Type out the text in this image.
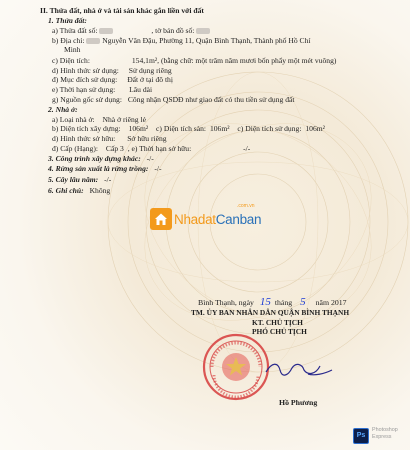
II. Thửa đất, nhà ở và tài sản khác gắn liền với đất
1. Thửa đất:
a) Thửa đất số:	, tờ bản đồ số:
b) Địa chỉ: Nguyễn Văn Đậu, Phường 11, Quận Bình Thạnh, Thành phố Hồ Chí
Minh
c) Diện tích:	154,1m², (bằng chữ: một trăm năm mươi bốn phẩy một mét vuông)
d) Hình thức sử dụng: Sử dụng riêng
đ) Mục đích sử dụng: Đất ở tại đô thị
e) Thời hạn sử dụng: Lâu dài
g) Nguồn gốc sử dụng: Công nhận QSDĐ như giao đất có thu tiền sử dụng đất
2. Nhà ở:
a) Loại nhà ở: Nhà ở riêng lẻ
b) Diện tích xây dựng: 106m² c) Diện tích sàn: 106m² c) Diện tích sử dụng: 106m²
d) Hình thức sở hữu: Sở hữu riêng
đ) Cấp (Hạng): Cấp 3 , e) Thời hạn sở hữu:	-/-
3. Công trình xây dựng khác: -/-
4. Rừng sản xuất là rừng trồng: -/-
5. Cây lâu năm: -/-
6. Ghi chú: Không
NhadatCanban
.com.vn
Bình Thạnh, ngày 15 tháng 5 năm 2017
TM. ỦY BAN NHÂN DÂN QUẬN BÌNH THẠNH
KT. CHỦ TỊCH
PHÓ CHỦ TỊCH
Hồ Phương
Ps
Photoshop
Express
